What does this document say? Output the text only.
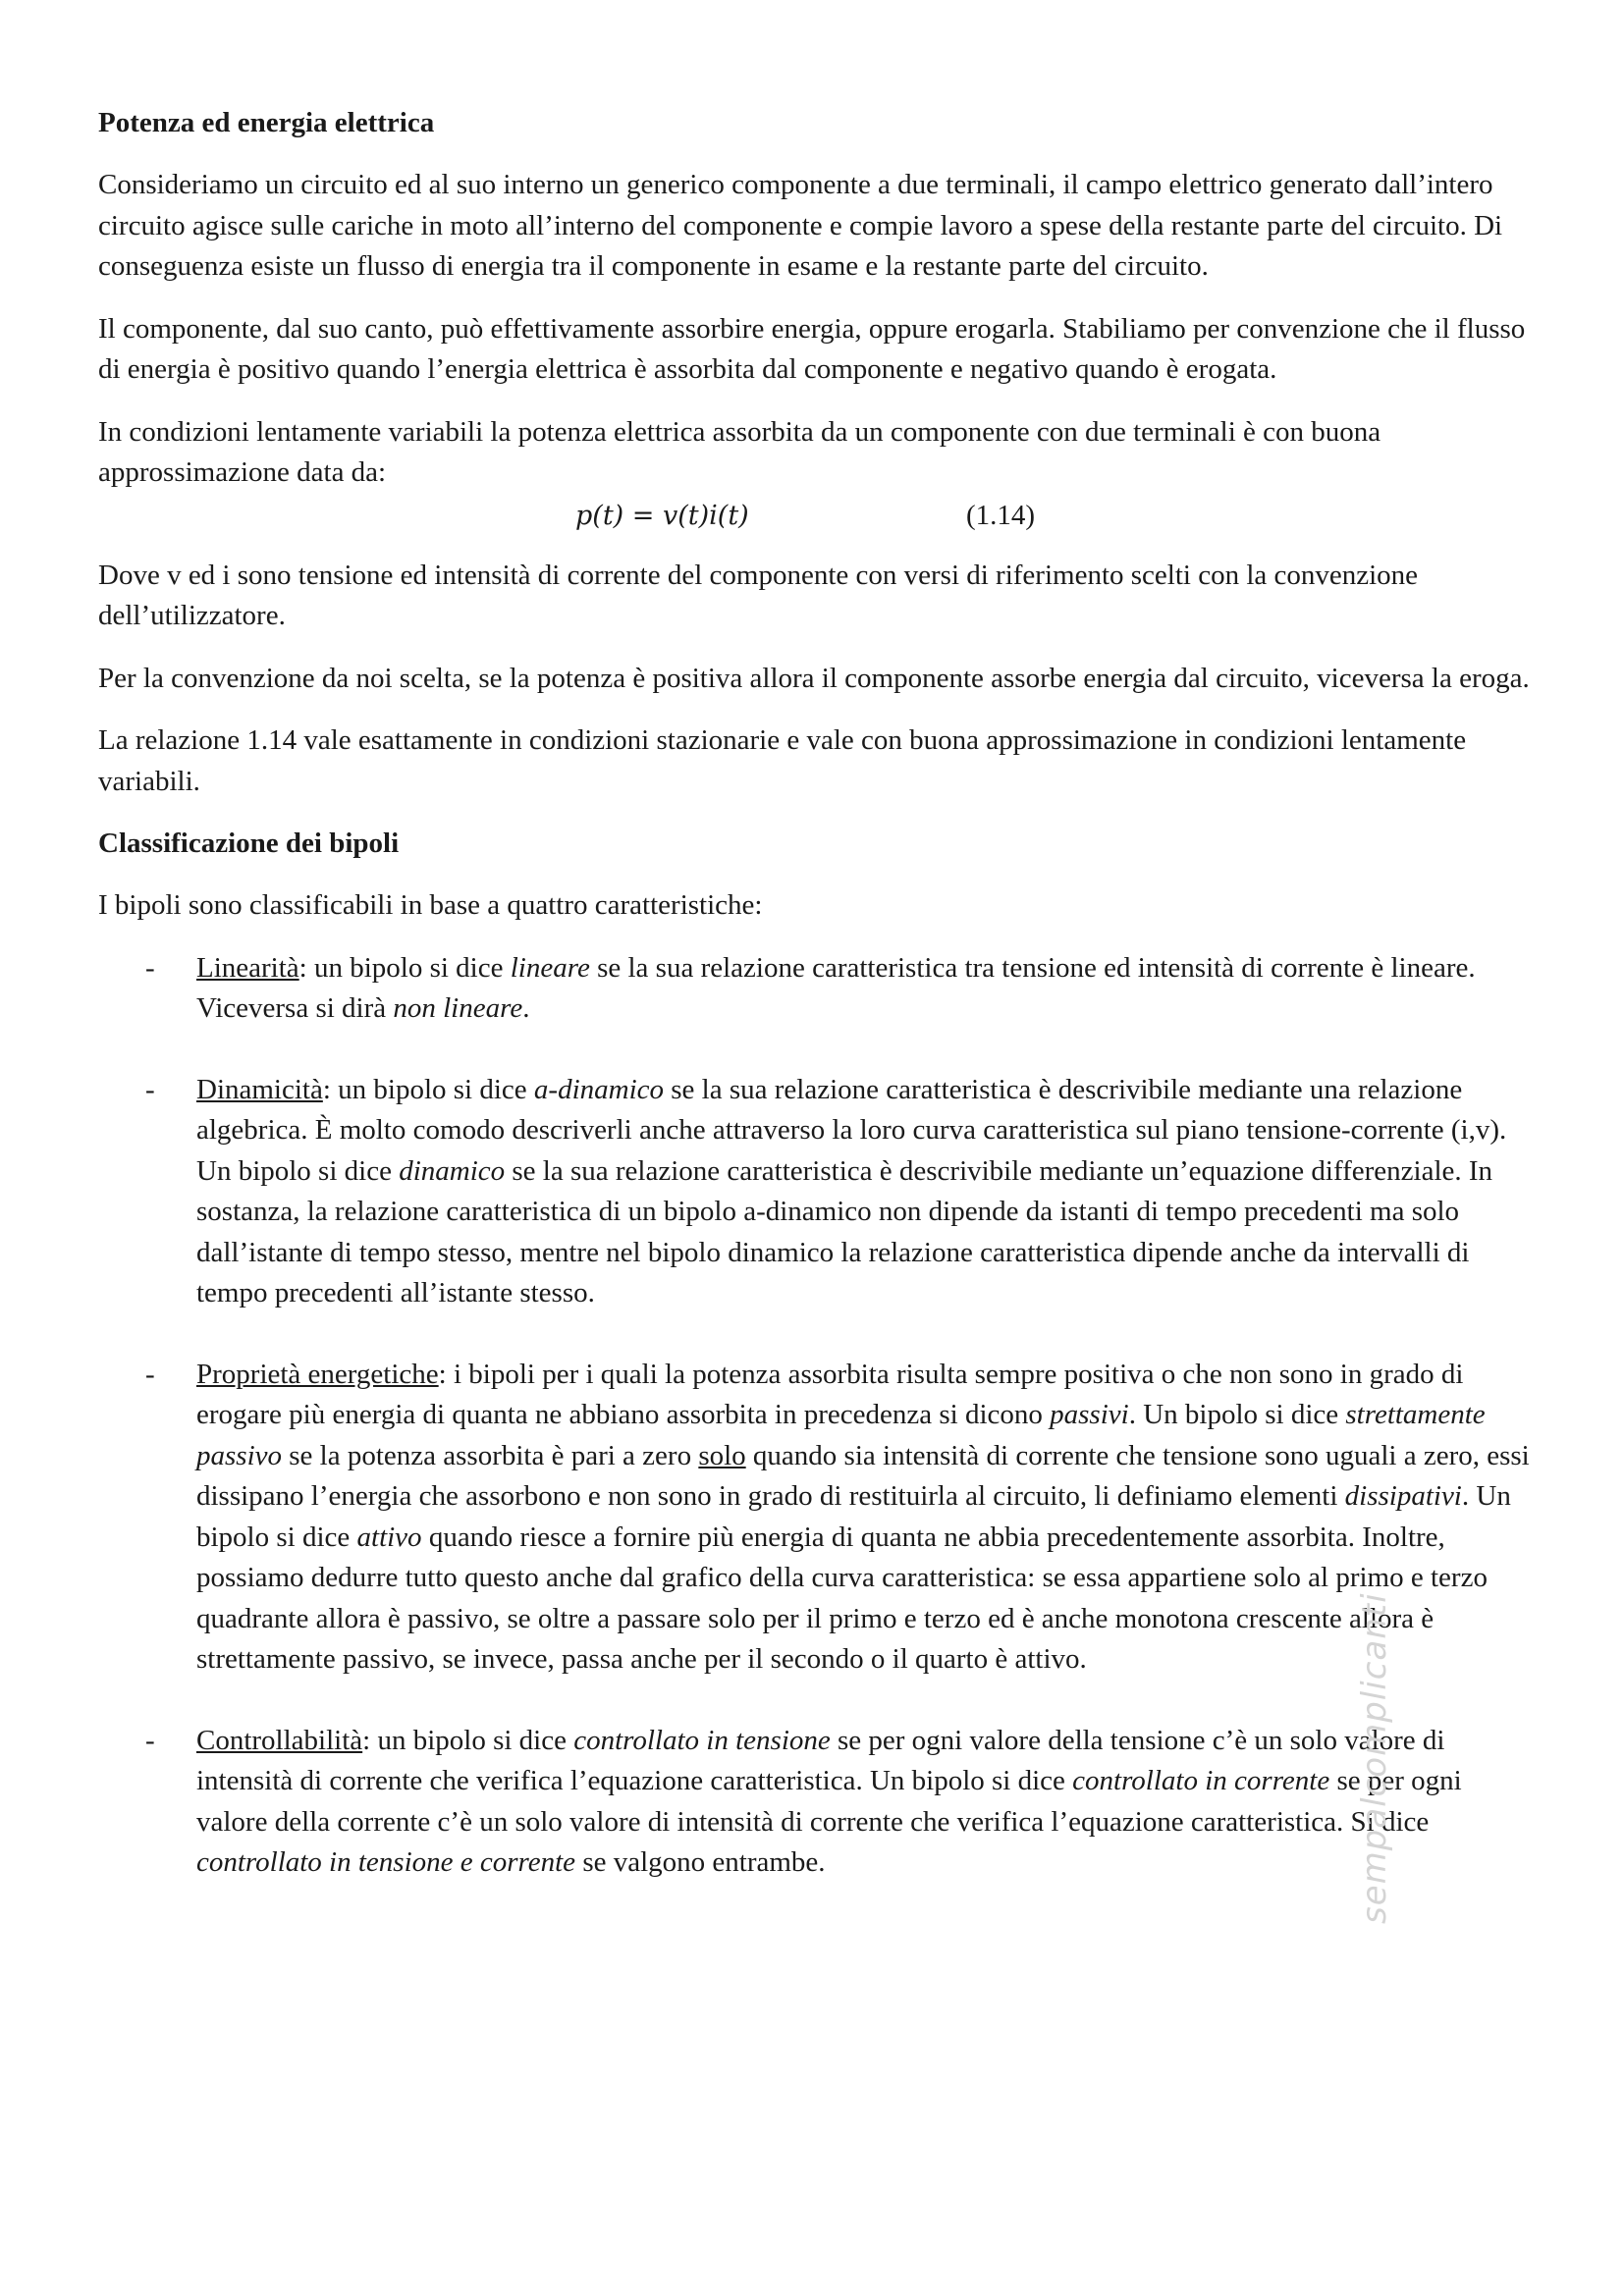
Potenza ed energia elettrica

Consideriamo un circuito ed al suo interno un generico componente a due terminali, il campo elettrico generato dall’intero circuito agisce sulle cariche in moto all’interno del componente e compie lavoro a spese della restante parte del circuito. Di conseguenza esiste un flusso di energia tra il componente in esame e la restante parte del circuito.

Il componente, dal suo canto, può effettivamente assorbire energia, oppure erogarla. Stabiliamo per convenzione che il flusso di energia è positivo quando l’energia elettrica è assorbita dal componente e negativo quando è erogata.

In condizioni lentamente variabili la potenza elettrica assorbita da un componente con due terminali è con buona approssimazione data da:

p(t) = v(t)i(t)	(1.14)

Dove v ed i sono tensione ed intensità di corrente del componente con versi di riferimento scelti con la convenzione dell’utilizzatore.

Per la convenzione da noi scelta, se la potenza è positiva allora il componente assorbe energia dal circuito, viceversa la eroga.

La relazione 1.14 vale esattamente in condizioni stazionarie e vale con buona approssimazione in condizioni lentamente variabili.

Classificazione dei bipoli

I bipoli sono classificabili in base a quattro caratteristiche:

- Linearità: un bipolo si dice lineare se la sua relazione caratteristica tra tensione ed intensità di corrente è lineare. Viceversa si dirà non lineare.
- Dinamicità: un bipolo si dice a-dinamico se la sua relazione caratteristica è descrivibile mediante una relazione algebrica. È molto comodo descriverli anche attraverso la loro curva caratteristica sul piano tensione-corrente (i,v). Un bipolo si dice dinamico se la sua relazione caratteristica è descrivibile mediante un’equazione differenziale. In sostanza, la relazione caratteristica di un bipolo a-dinamico non dipende da istanti di tempo precedenti ma solo dall’istante di tempo stesso, mentre nel bipolo dinamico la relazione caratteristica dipende anche da intervalli di tempo precedenti all’istante stesso.
- Proprietà energetiche: i bipoli per i quali la potenza assorbita risulta sempre positiva o che non sono in grado di erogare più energia di quanta ne abbiano assorbita in precedenza si dicono passivi. Un bipolo si dice strettamente passivo se la potenza assorbita è pari a zero solo quando sia intensità di corrente che tensione sono uguali a zero, essi dissipano l’energia che assorbono e non sono in grado di restituirla al circuito, li definiamo elementi dissipativi. Un bipolo si dice attivo quando riesce a fornire più energia di quanta ne abbia precedentemente assorbita. Inoltre, possiamo dedurre tutto questo anche dal grafico della curva caratteristica: se essa appartiene solo al primo e terzo quadrante allora è passivo, se oltre a passare solo per il primo e terzo ed è anche monotona crescente allora è strettamente passivo, se invece, passa anche per il secondo o il quarto è attivo.
- Controllabilità: un bipolo si dice controllato in tensione se per ogni valore della tensione c’è un solo valore di intensità di corrente che verifica l’equazione caratteristica. Un bipolo si dice controllato in corrente se per ogni valore della corrente c’è un solo valore di intensità di corrente che verifica l’equazione caratteristica. Si dice controllato in tensione e corrente se valgono entrambe.	sempalcomplicanti
